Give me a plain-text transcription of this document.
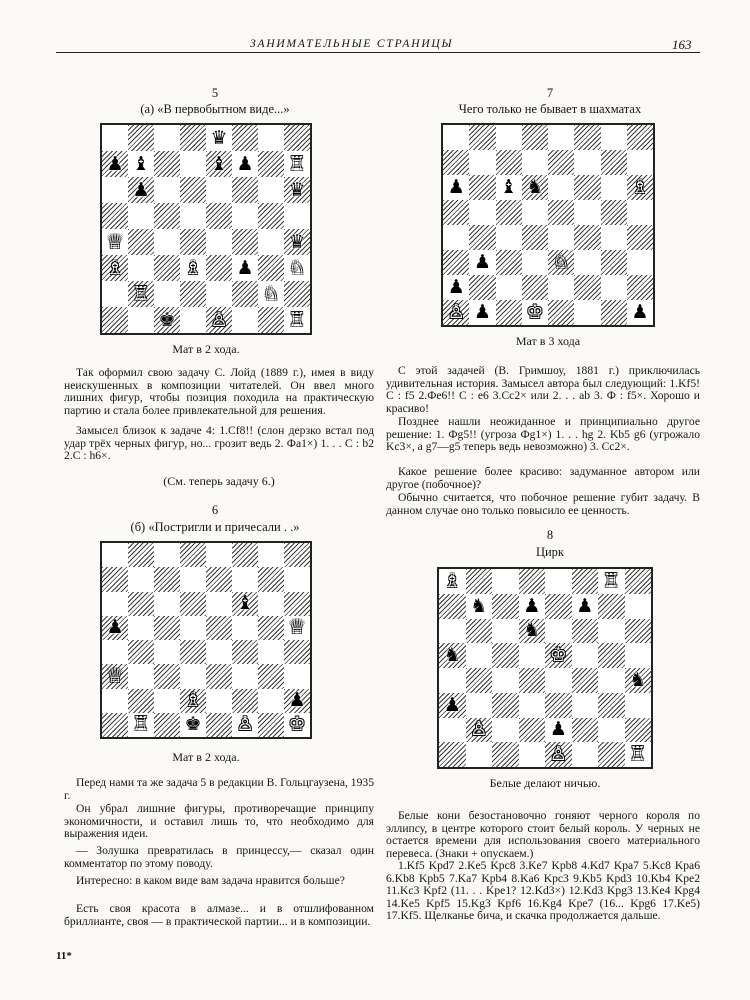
ЗАНИМАТЕЛЬНЫЕ СТРАНИЦЫ	163
5
(а) «В первобытном виде...»
♛
♟ ♝	♝ ♟ ♖
♟	♛
♕	♛
♗	♗ ♟ ♘
♖	♘
♚ ♙	♖
Мат в 2 хода.

Так оформил свою задачу С. Лойд (1889 г.), имея в виду неискушенных в композиции читателей. Он ввел много лишних фигур, чтобы позиция походила на практическую партию и стала более привлекательной для решения.

Замысел близок к задаче 4: 1.Cf8!! (слон дерзко встал под удар трёх черных фигур, но... грозит ведь 2. Фа1×) 1. . . С : b2 2.С : h6×.

(См. теперь задачу 6.)
6
(б) «Постригли и причесали . .»
♝
♟	♕
♕
♗	♟
♖ ♚ ♙ ♔
Мат в 2 хода.

Перед нами та же задача 5 в редакции В. Гольцгаузена, 1935 г.

Он убрал лишние фигуры, противоречащие принципу экономичности, и оставил лишь то, что необходимо для выражения идеи.

— Золушка превратилась в принцессу,— сказал один комментатор по этому поводу.

Интересно: в каком виде вам задача нравится больше?

Есть своя красота в алмазе... и в отшлифованном бриллианте, своя — в практической партии... и в композиции.

7
Чего только не бывает в шахматах
♟ ♝ ♞	♗
♟	♘
♟
♙ ♟ ♔	♟
Мат в 3 хода

С этой задачей (В. Гримшоу, 1881 г.) приключилась удивительная история. Замысел автора был следующий: 1.Kf5! С : f5 2.Фе6!! С : е6 3.Cc2× или 2. . . ab 3. Ф : f5×. Хорошо и красиво!

Позднее нашли неожиданное и принципиально другое решение: 1. Фg5!! (угроза Фg1×) 1. . . hg 2. Kb5 g6 (угрожало Kc3×, а g7—g5 теперь ведь невозможно) 3. Cc2×.

Какое решение более красиво: задуманное автором или другое (побочное)?

Обычно считается, что побочное решение губит задачу. В данном случае оно только повысило ее ценность.

8
Цирк
♗	♖
♞ ♟ ♟
♞
♞	♔
♞
♟
♙	♟
♙	♖
Белые делают ничью.

Белые кони безостановочно гоняют черного короля по эллипсу, в центре которого стоит белый король. У черных не остается времени для использования своего материального перевеса. (Знаки + опускаем.)

1.Kf5 Kpd7 2.Ke5 Kpc8 3.Ke7 Kpb8 4.Kd7 Kpa7 5.Kc8 Kpa6 6.Kb8 Kpb5 7.Ka7 Kpb4 8.Ka6 Kpc3 9.Kb5 Kpd3 10.Kb4 Kpe2 11.Kc3 Kpf2 (11. . . Kpe1? 12.Kd3×) 12.Kd3 Kpg3 13.Ke4 Kpg4 14.Ke5 Kpf5 15.Kg3 Kpf6 16.Kg4 Kpe7 (16... Kpg6 17.Ke5) 17.Kf5. Щелканье бича, и скачка продолжается дальше.

11*
